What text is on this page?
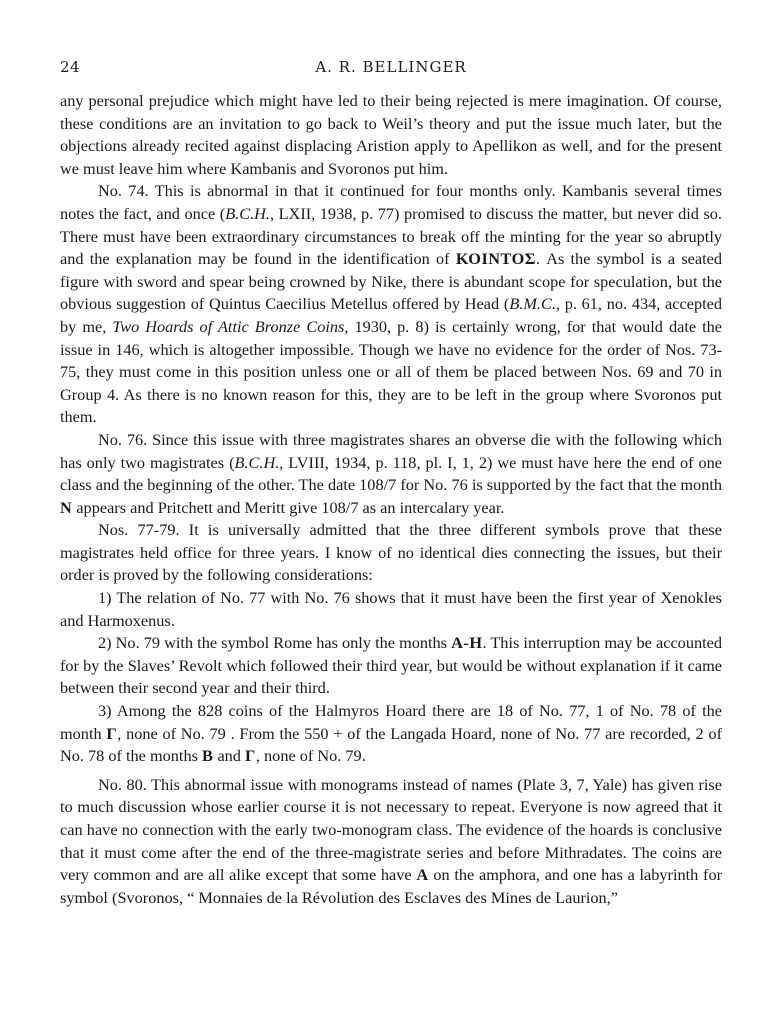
24	A. R. BELLINGER

any personal prejudice which might have led to their being rejected is mere imagination. Of course, these conditions are an invitation to go back to Weil’s theory and put the issue much later, but the objections already recited against displacing Aristion apply to Apellikon as well, and for the present we must leave him where Kambanis and Svoronos put him.

No. 74. This is abnormal in that it continued for four months only. Kambanis several times notes the fact, and once (B.C.H., LXII, 1938, p. 77) promised to discuss the matter, but never did so. There must have been extraordinary circumstances to break off the minting for the year so abruptly and the explanation may be found in the identification of ΚΟΙΝΤΟΣ. As the symbol is a seated figure with sword and spear being crowned by Nike, there is abundant scope for speculation, but the obvious suggestion of Quintus Caecilius Metellus offered by Head (B.M.C., p. 61, no. 434, accepted by me, Two Hoards of Attic Bronze Coins, 1930, p. 8) is certainly wrong, for that would date the issue in 146, which is altogether impossible. Though we have no evidence for the order of Nos. 73-75, they must come in this position unless one or all of them be placed between Nos. 69 and 70 in Group 4. As there is no known reason for this, they are to be left in the group where Svoronos put them.

No. 76. Since this issue with three magistrates shares an obverse die with the following which has only two magistrates (B.C.H., LVIII, 1934, p. 118, pl. I, 1, 2) we must have here the end of one class and the beginning of the other. The date 108/7 for No. 76 is supported by the fact that the month N appears and Pritchett and Meritt give 108/7 as an intercalary year.

Nos. 77-79. It is universally admitted that the three different symbols prove that these magistrates held office for three years. I know of no identical dies connecting the issues, but their order is proved by the following considerations:

1) The relation of No. 77 with No. 76 shows that it must have been the first year of Xenokles and Harmoxenus.

2) No. 79 with the symbol Rome has only the months A-H. This interruption may be accounted for by the Slaves’ Revolt which followed their third year, but would be without explanation if it came between their second year and their third.

3) Among the 828 coins of the Halmyros Hoard there are 18 of No. 77, 1 of No. 78 of the month Γ, none of No. 79 . From the 550 + of the Langada Hoard, none of No. 77 are recorded, 2 of No. 78 of the months B and Γ, none of No. 79.

No. 80. This abnormal issue with monograms instead of names (Plate 3, 7, Yale) has given rise to much discussion whose earlier course it is not necessary to repeat. Everyone is now agreed that it can have no connection with the early two-monogram class. The evidence of the hoards is conclusive that it must come after the end of the three-magistrate series and before Mithradates. The coins are very common and are all alike except that some have A on the amphora, and one has a labyrinth for symbol (Svoronos, “ Monnaies de la Révolution des Esclaves des Mines de Laurion,”
